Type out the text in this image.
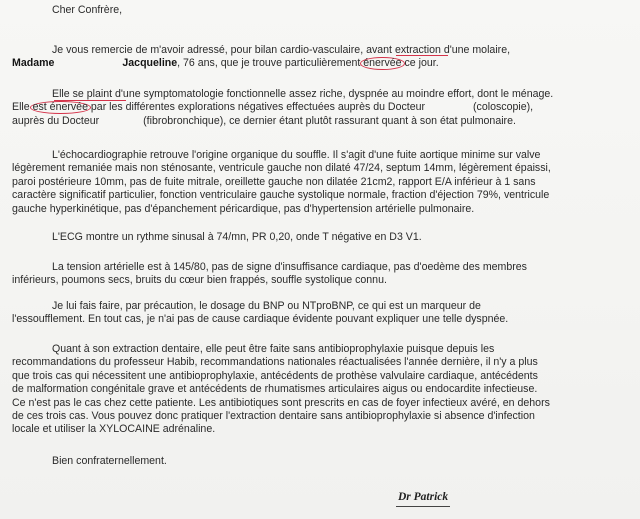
Cher Confrère,

Je vous remercie de m'avoir adressé, pour bilan cardio-vasculaire, avant extraction d'une molaire,
Madame	Jacqueline, 76 ans, que je trouve particulièrement énervée ce jour.

Elle se plaint d'une symptomatologie fonctionnelle assez riche, dyspnée au moindre effort, dont le ménage.
Elle est énervée par les différentes explorations négatives effectuées auprès du Docteur	(coloscopie),
auprès du Docteur	(fibrobronchique), ce dernier étant plutôt rassurant quant à son état pulmonaire.

L'échocardiographie retrouve l'origine organique du souffle. Il s'agit d'une fuite aortique minime sur valve
légèrement remaniée mais non sténosante, ventricule gauche non dilaté 47/24, septum 14mm, légèrement épaissi,
paroi postérieure 10mm, pas de fuite mitrale, oreillette gauche non dilatée 21cm2, rapport E/A inférieur à 1 sans
caractère significatif particulier, fonction ventriculaire gauche systolique normale, fraction d'éjection 79%, ventricule
gauche hyperkinétique, pas d'épanchement péricardique, pas d'hypertension artérielle pulmonaire.

L'ECG montre un rythme sinusal à 74/mn, PR 0,20, onde T négative en D3 V1.

La tension artérielle est à 145/80, pas de signe d'insuffisance cardiaque, pas d'oedème des membres
inférieurs, poumons secs, bruits du cœur bien frappés, souffle systolique connu.

Je lui fais faire, par précaution, le dosage du BNP ou NTproBNP, ce qui est un marqueur de
l'essoufflement. En tout cas, je n'ai pas de cause cardiaque évidente pouvant expliquer une telle dyspnée.

Quant à son extraction dentaire, elle peut être faite sans antibioprophylaxie puisque depuis les
recommandations du professeur Habib, recommandations nationales réactualisées l'année dernière, il n'y a plus
que trois cas qui nécessitent une antibioprophylaxie, antécédents de prothèse valvulaire cardiaque, antécédents
de malformation congénitale grave et antécédents de rhumatismes articulaires aigus ou endocardite infectieuse.
Ce n'est pas le cas chez cette patiente. Les antibiotiques sont prescrits en cas de foyer infectieux avéré, en dehors
de ces trois cas. Vous pouvez donc pratiquer l'extraction dentaire sans antibioprophylaxie si absence d'infection
locale et utiliser la XYLOCAINE adrénaline.

Bien confraternellement.

Dr Patrick
